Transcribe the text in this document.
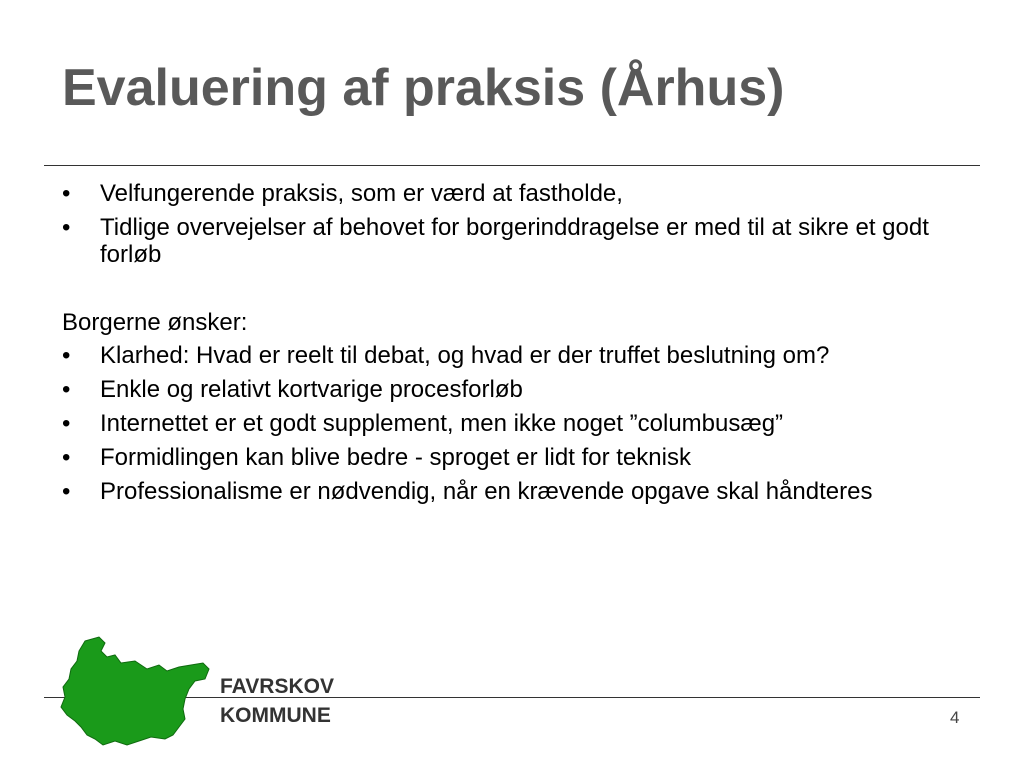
Evaluering af praksis (Århus)
• Velfungerende praksis, som er værd at fastholde,
• Tidlige overvejelser af behovet for borgerinddragelse er med til at sikre et godt forløb
Borgerne ønsker:
• Klarhed: Hvad er reelt til debat, og hvad er der truffet beslutning om?
• Enkle og relativt kortvarige procesforløb
• Internettet er et godt supplement, men ikke noget ”columbusæg”
• Formidlingen kan blive bedre - sproget er lidt for teknisk
• Professionalisme er nødvendig, når en krævende opgave skal håndteres
FAVRSKOV
KOMMUNE	4
